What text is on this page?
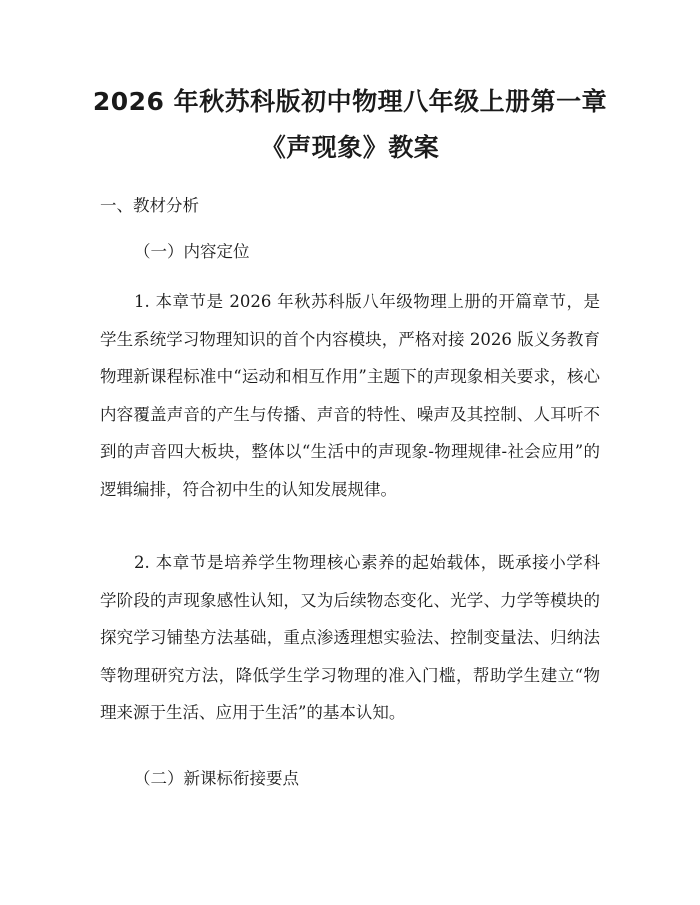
2026 年秋苏科版初中物理八年级上册第一章
《声现象》教案

一、教材分析

（一）内容定位

1. 本章节是 2026 年秋苏科版八年级物理上册的开篇章节，是学生系统学习物理知识的首个内容模块，严格对接 2026 版义务教育物理新课程标准中“运动和相互作用”主题下的声现象相关要求，核心内容覆盖声音的产生与传播、声音的特性、噪声及其控制、人耳听不到的声音四大板块，整体以“生活中的声现象-物理规律-社会应用”的逻辑编排，符合初中生的认知发展规律。

2. 本章节是培养学生物理核心素养的起始载体，既承接小学科学阶段的声现象感性认知，又为后续物态变化、光学、力学等模块的探究学习铺垫方法基础，重点渗透理想实验法、控制变量法、归纳法等物理研究方法，降低学生学习物理的准入门槛，帮助学生建立“物理来源于生活、应用于生活”的基本认知。

（二）新课标衔接要点
